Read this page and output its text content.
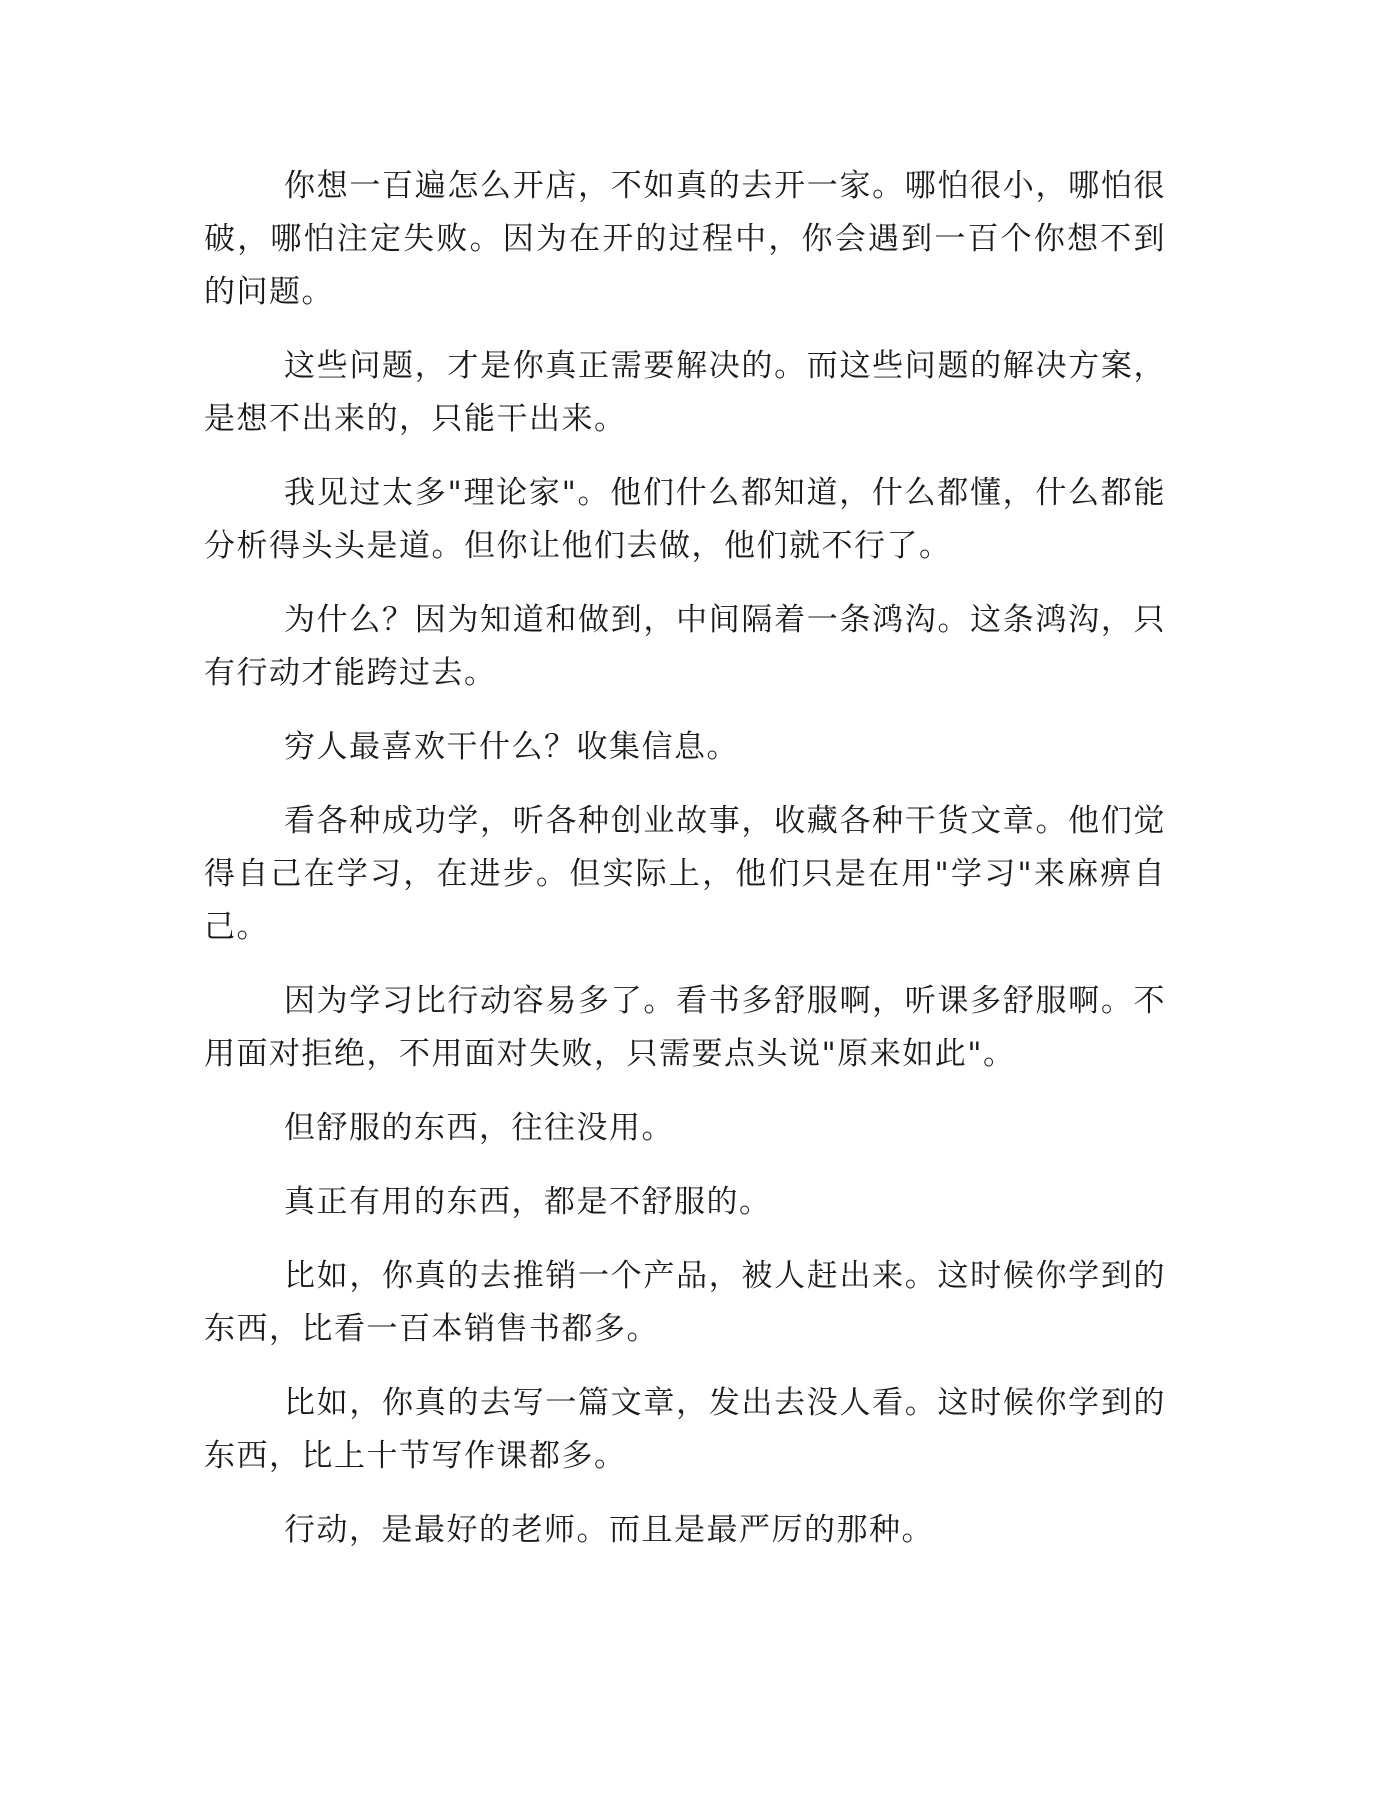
你想一百遍怎么开店，不如真的去开一家。哪怕很小，哪怕很破，哪怕注定失败。因为在开的过程中，你会遇到一百个你想不到的问题。

这些问题，才是你真正需要解决的。而这些问题的解决方案，是想不出来的，只能干出来。

我见过太多"理论家"。他们什么都知道，什么都懂，什么都能分析得头头是道。但你让他们去做，他们就不行了。

为什么？因为知道和做到，中间隔着一条鸿沟。这条鸿沟，只有行动才能跨过去。

穷人最喜欢干什么？收集信息。

看各种成功学，听各种创业故事，收藏各种干货文章。他们觉得自己在学习，在进步。但实际上，他们只是在用"学习"来麻痹自己。

因为学习比行动容易多了。看书多舒服啊，听课多舒服啊。不用面对拒绝，不用面对失败，只需要点头说"原来如此"。

但舒服的东西，往往没用。

真正有用的东西，都是不舒服的。

比如，你真的去推销一个产品，被人赶出来。这时候你学到的东西，比看一百本销售书都多。

比如，你真的去写一篇文章，发出去没人看。这时候你学到的东西，比上十节写作课都多。

行动，是最好的老师。而且是最严厉的那种。
